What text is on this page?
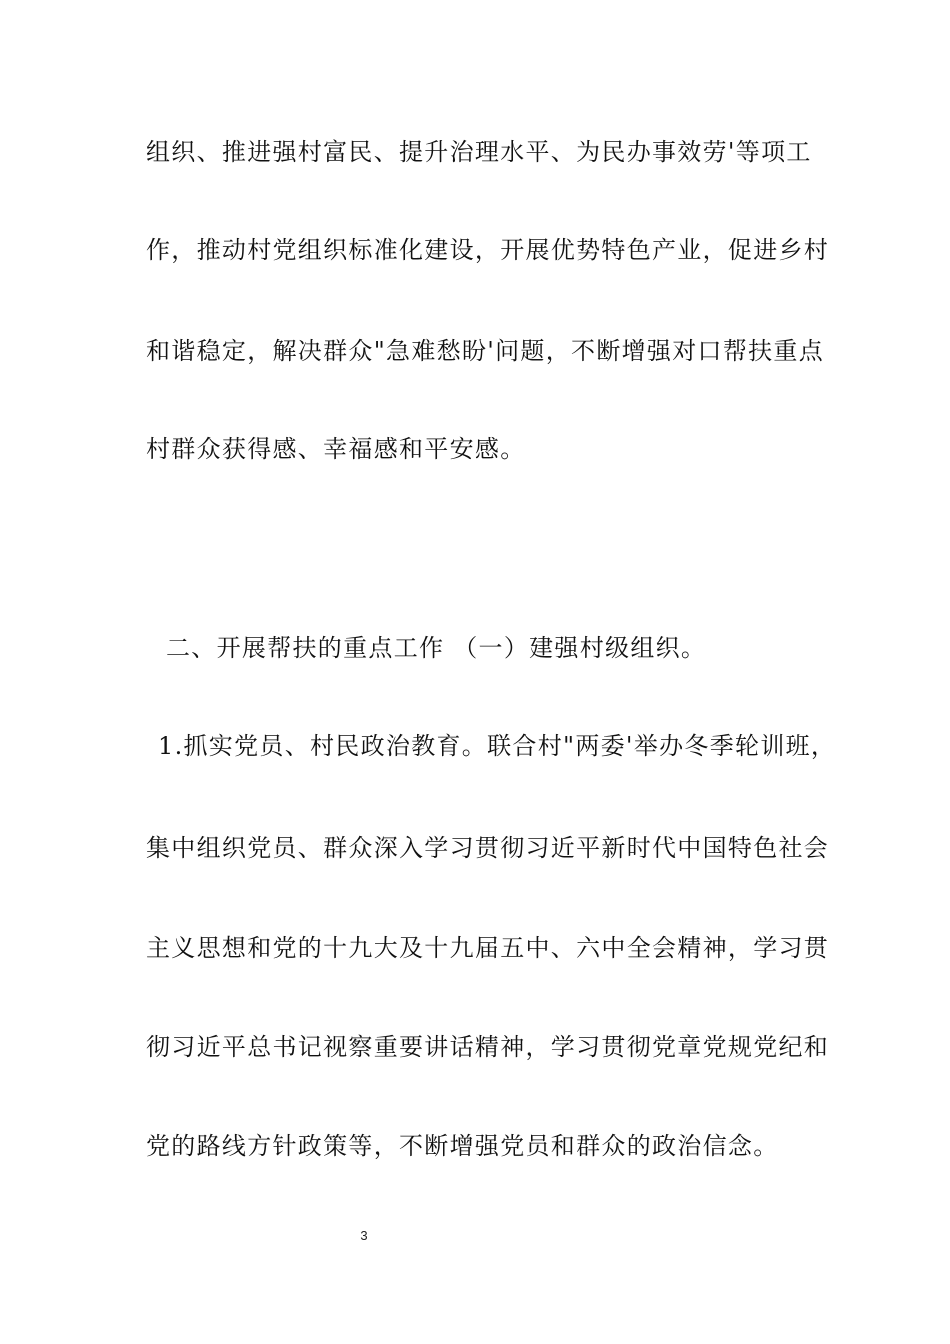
组织、推进强村富民、提升治理水平、为民办事效劳'等项工
作，推动村党组织标准化建设，开展优势特色产业，促进乡村
和谐稳定，解决群众"急难愁盼'问题，不断增强对口帮扶重点
村群众获得感、幸福感和平安感。
二、开展帮扶的重点工作 （一）建强村级组织。
1.抓实党员、村民政治教育。联合村"两委'举办冬季轮训班，
集中组织党员、群众深入学习贯彻习近平新时代中国特色社会
主义思想和党的十九大及十九届五中、六中全会精神，学习贯
彻习近平总书记视察重要讲话精神，学习贯彻党章党规党纪和
党的路线方针政策等，不断增强党员和群众的政治信念。
3
